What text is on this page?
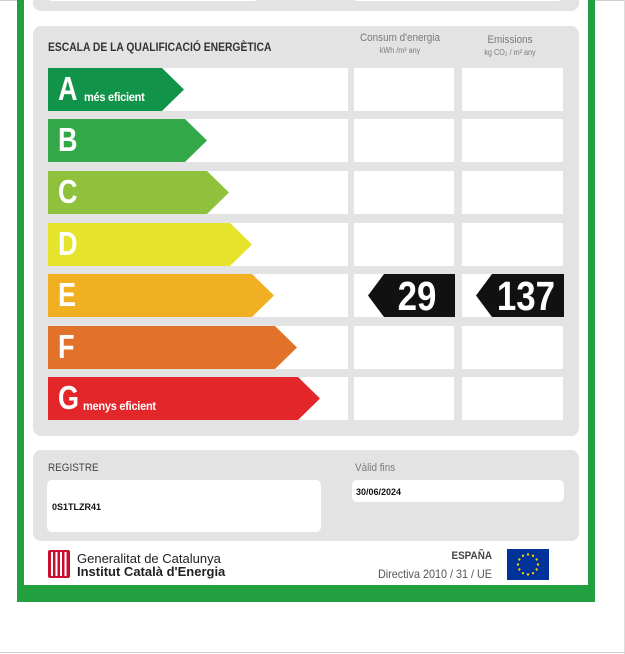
ESCALA DE LA QUALIFICACIÓ ENERGÈTICA
Consum d'energia
kWh /m² any
Emissions
kg CO₂ / m² any
A més eficient
B
C
D
E
F
G menys eficient
29 137
REGISTRE
0S1TLZR41
Vàlid fins
30/06/2024
Generalitat de Catalunya
Institut Català d'Energia
ESPAÑA
Directiva 2010 / 31 / UE
